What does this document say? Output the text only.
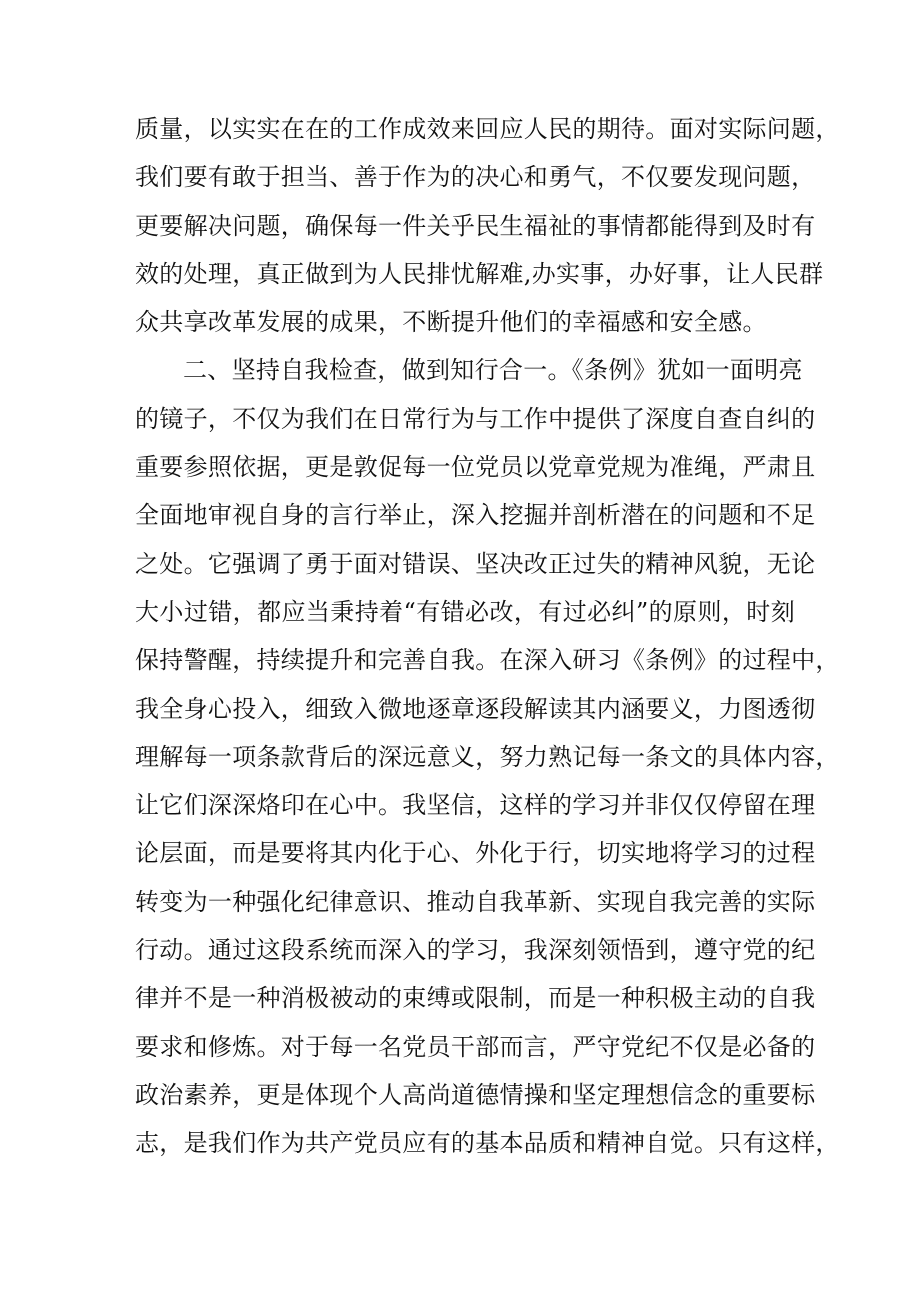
质量，以实实在在的工作成效来回应人民的期待。面对实际问题，
我们要有敢于担当、善于作为的决心和勇气，不仅要发现问题，
更要解决问题，确保每一件关乎民生福祉的事情都能得到及时有
效的处理，真正做到为人民排忧解难,办实事，办好事，让人民群
众共享改革发展的成果，不断提升他们的幸福感和安全感。
二、坚持自我检查，做到知行合一。《条例》犹如一面明亮
的镜子，不仅为我们在日常行为与工作中提供了深度自查自纠的
重要参照依据，更是敦促每一位党员以党章党规为准绳，严肃且
全面地审视自身的言行举止，深入挖掘并剖析潜在的问题和不足
之处。它强调了勇于面对错误、坚决改正过失的精神风貌，无论
大小过错，都应当秉持着“有错必改，有过必纠”的原则，时刻
保持警醒，持续提升和完善自我。在深入研习《条例》的过程中，
我全身心投入，细致入微地逐章逐段解读其内涵要义，力图透彻
理解每一项条款背后的深远意义，努力熟记每一条文的具体内容，
让它们深深烙印在心中。我坚信，这样的学习并非仅仅停留在理
论层面，而是要将其内化于心、外化于行，切实地将学习的过程
转变为一种强化纪律意识、推动自我革新、实现自我完善的实际
行动。通过这段系统而深入的学习，我深刻领悟到，遵守党的纪
律并不是一种消极被动的束缚或限制，而是一种积极主动的自我
要求和修炼。对于每一名党员干部而言，严守党纪不仅是必备的
政治素养，更是体现个人高尚道德情操和坚定理想信念的重要标
志，是我们作为共产党员应有的基本品质和精神自觉。只有这样，
